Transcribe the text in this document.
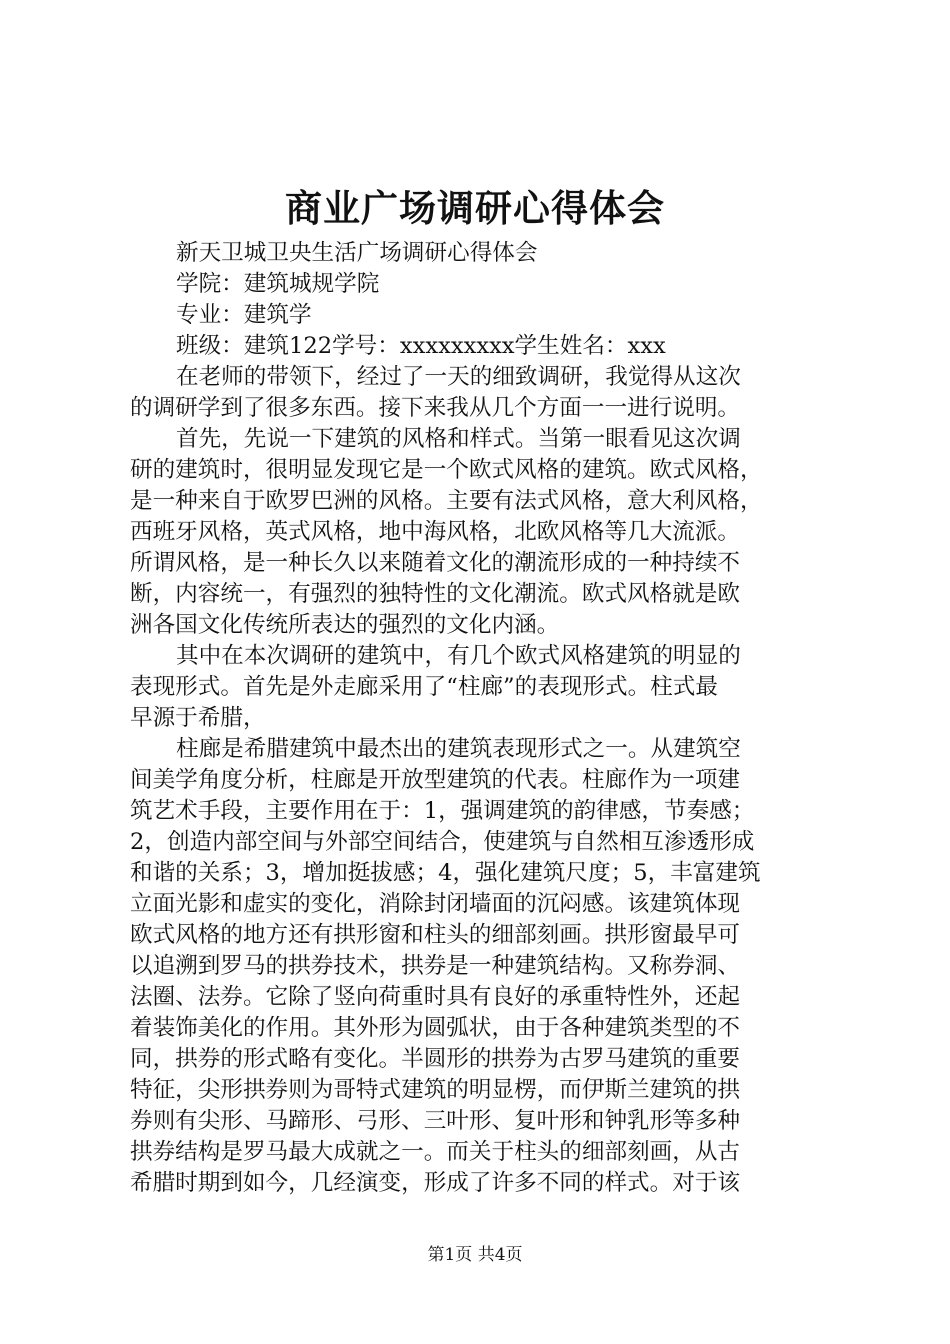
商业广场调研心得体会
新天卫城卫央生活广场调研心得体会
学院：建筑城规学院
专业：建筑学
班级：建筑122学号：xxxxxxxxx学生姓名：xxx
在老师的带领下，经过了一天的细致调研，我觉得从这次
的调研学到了很多东西。接下来我从几个方面一一进行说明。
首先，先说一下建筑的风格和样式。当第一眼看见这次调
研的建筑时，很明显发现它是一个欧式风格的建筑。欧式风格，
是一种来自于欧罗巴洲的风格。主要有法式风格，意大利风格，
西班牙风格，英式风格，地中海风格，北欧风格等几大流派。
所谓风格，是一种长久以来随着文化的潮流形成的一种持续不
断，内容统一，有强烈的独特性的文化潮流。欧式风格就是欧
洲各国文化传统所表达的强烈的文化内涵。
其中在本次调研的建筑中，有几个欧式风格建筑的明显的
表现形式。首先是外走廊采用了“柱廊”的表现形式。柱式最
早源于希腊，
柱廊是希腊建筑中最杰出的建筑表现形式之一。从建筑空
间美学角度分析，柱廊是开放型建筑的代表。柱廊作为一项建
筑艺术手段，主要作用在于：1，强调建筑的韵律感，节奏感；
2，创造内部空间与外部空间结合，使建筑与自然相互渗透形成
和谐的关系；3，增加挺拔感；4，强化建筑尺度；5，丰富建筑
立面光影和虚实的变化，消除封闭墙面的沉闷感。该建筑体现
欧式风格的地方还有拱形窗和柱头的细部刻画。拱形窗最早可
以追溯到罗马的拱券技术，拱券是一种建筑结构。又称券洞、
法圈、法券。它除了竖向荷重时具有良好的承重特性外，还起
着装饰美化的作用。其外形为圆弧状，由于各种建筑类型的不
同，拱券的形式略有变化。半圆形的拱券为古罗马建筑的重要
特征，尖形拱券则为哥特式建筑的明显楞，而伊斯兰建筑的拱
券则有尖形、马蹄形、弓形、三叶形、复叶形和钟乳形等多种
拱券结构是罗马最大成就之一。而关于柱头的细部刻画，从古
希腊时期到如今，几经演变，形成了许多不同的样式。对于该
第1页 共4页
